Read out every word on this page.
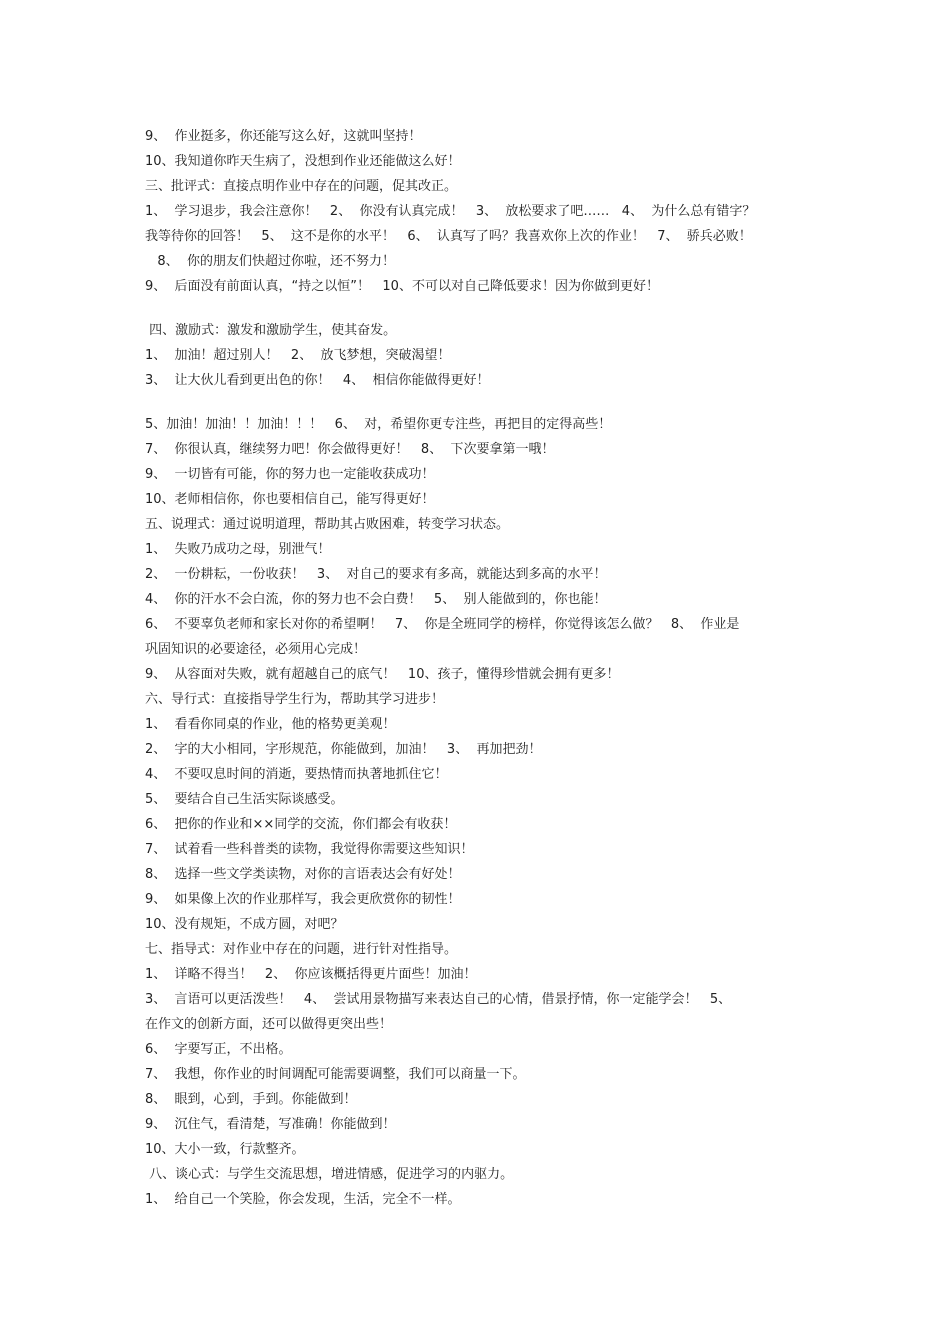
9、  作业挺多，你还能写这么好，这就叫坚持！
10、我知道你昨天生病了，没想到作业还能做这么好！
三、批评式：直接点明作业中存在的问题，促其改正。
1、  学习退步，我会注意你！   2、  你没有认真完成！   3、  放松要求了吧……   4、  为什么总有错字？
我等待你的回答！   5、  这不是你的水平！   6、  认真写了吗？我喜欢你上次的作业！   7、  骄兵必败！
8、  你的朋友们快超过你啦，还不努力！
9、  后面没有前面认真，“持之以恒”！   10、不可以对自己降低要求！因为你做到更好！
四、激励式：激发和激励学生，使其奋发。
1、  加油！超过别人！   2、  放飞梦想，突破渴望！
3、  让大伙儿看到更出色的你！   4、  相信你能做得更好！
5、加油！加油！！加油！！！   6、  对，希望你更专注些，再把目的定得高些！
7、  你很认真，继续努力吧！你会做得更好！   8、  下次要拿第一哦！
9、  一切皆有可能，你的努力也一定能收获成功！
10、老师相信你，你也要相信自己，能写得更好！
五、说理式：通过说明道理，帮助其占败困难，转变学习状态。
1、  失败乃成功之母，别泄气！
2、  一份耕耘，一份收获！   3、  对自己的要求有多高，就能达到多高的水平！
4、  你的汗水不会白流，你的努力也不会白费！   5、  别人能做到的，你也能！
6、  不要辜负老师和家长对你的希望啊！   7、  你是全班同学的榜样，你觉得该怎么做？   8、  作业是
巩固知识的必要途径，必须用心完成！
9、  从容面对失败，就有超越自己的底气！   10、孩子，懂得珍惜就会拥有更多！
六、导行式：直接指导学生行为，帮助其学习进步！
1、  看看你同桌的作业，他的格势更美观！
2、  字的大小相同，字形规范，你能做到，加油！   3、  再加把劲！
4、  不要叹息时间的消逝，要热情而执著地抓住它！
5、  要结合自己生活实际谈感受。
6、  把你的作业和××同学的交流，你们都会有收获！
7、  试着看一些科普类的读物，我觉得你需要这些知识！
8、  选择一些文学类读物，对你的言语表达会有好处！
9、  如果像上次的作业那样写，我会更欣赏你的韧性！
10、没有规矩，不成方圆，对吧？
七、指导式：对作业中存在的问题，进行针对性指导。
1、  详略不得当！   2、  你应该概括得更片面些！加油！
3、  言语可以更活泼些！   4、  尝试用景物描写来表达自己的心情，借景抒情，你一定能学会！   5、
在作文的创新方面，还可以做得更突出些！
6、  字要写正，不出格。
7、  我想，你作业的时间调配可能需要调整，我们可以商量一下。
8、  眼到，心到，手到。你能做到！
9、  沉住气，看清楚，写准确！你能做到！
10、大小一致，行款整齐。
八、谈心式：与学生交流思想，增进情感，促进学习的内驱力。
1、  给自己一个笑脸，你会发现，生活，完全不一样。
